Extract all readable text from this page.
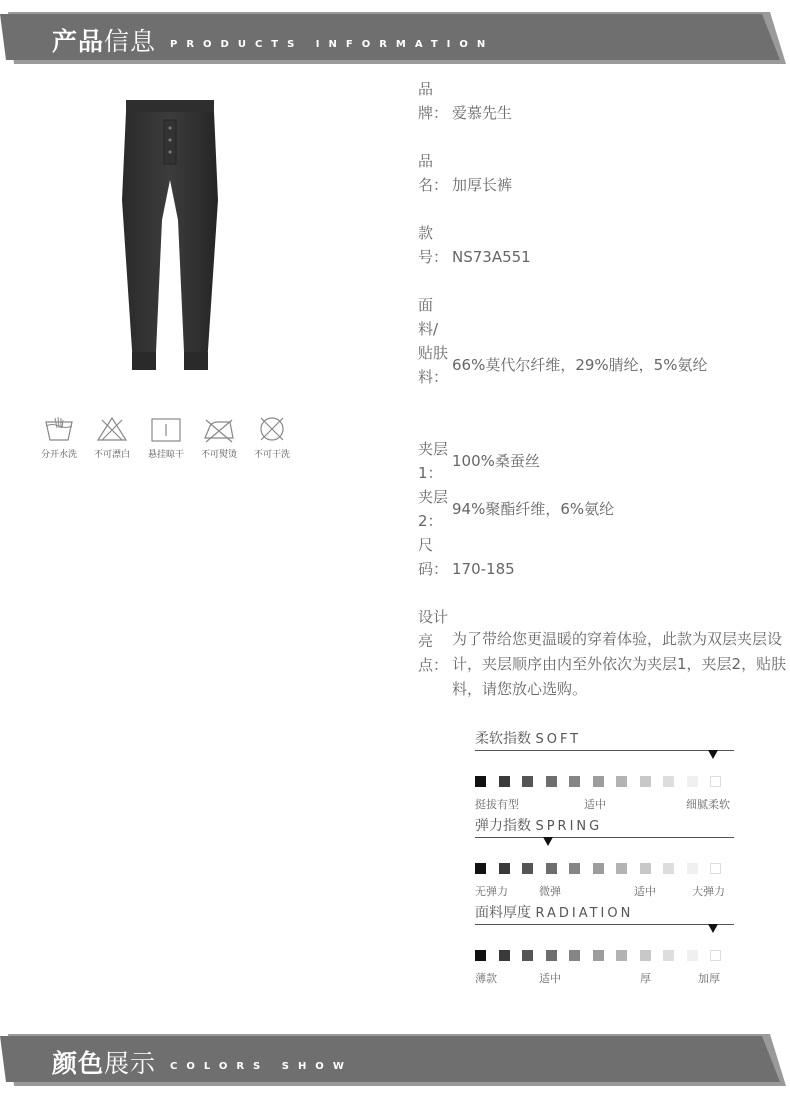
产品信息 PRODUCTS INFORMATION
分开水洗	不可漂白	悬挂晾干	不可熨烫	不可干洗
品牌： 爱慕先生
品名： 加厚长裤
款号： NS73A551
面料/贴肤料：
66%莫代尔纤维，29%腈纶，5%氨纶
夹层1：
100%桑蚕丝
夹层2：
94%聚酯纤维，6%氨纶
尺码： 170-185
设计亮点：
为了带给您更温暖的穿着体验，此款为双层夹层设计，夹层顺序由内至外依次为夹层1，夹层2，贴肤料，请您放心选购。
柔软指数 SOFT
挺拔有型	适中	细腻柔软
弹力指数 SPRING
无弹力	微弹	适中	大弹力
面料厚度 RADIATION
薄款	适中	厚	加厚
颜色展示 COLORS SHOW
